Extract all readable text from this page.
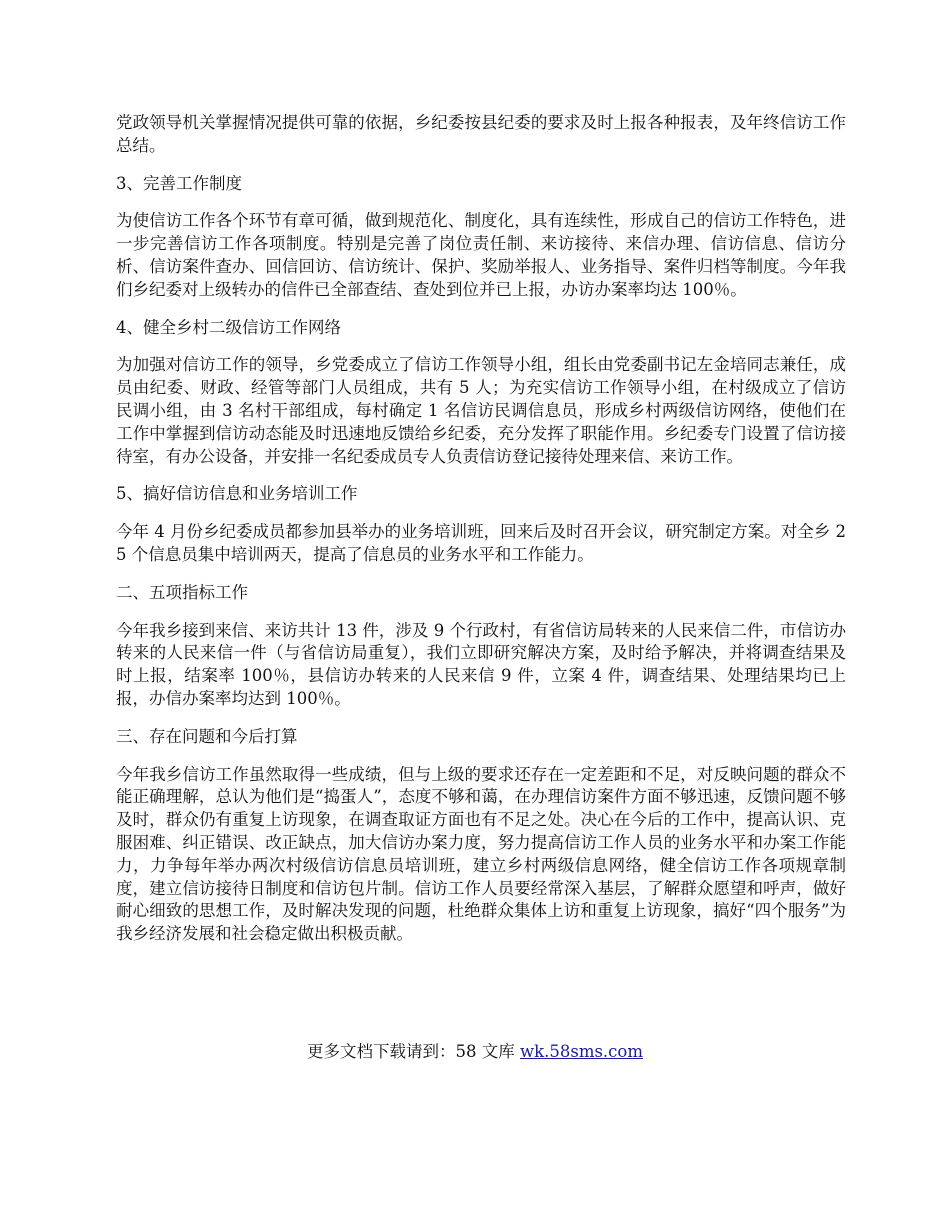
党政领导机关掌握情况提供可靠的依据，乡纪委按县纪委的要求及时上报各种报表，及年终信访工作总结。

3、完善工作制度

为使信访工作各个环节有章可循，做到规范化、制度化，具有连续性，形成自己的信访工作特色，进一步完善信访工作各项制度。特别是完善了岗位责任制、来访接待、来信办理、信访信息、信访分析、信访案件查办、回信回访、信访统计、保护、奖励举报人、业务指导、案件归档等制度。今年我们乡纪委对上级转办的信件已全部查结、查处到位并已上报，办访办案率均达 100％。

4、健全乡村二级信访工作网络

为加强对信访工作的领导，乡党委成立了信访工作领导小组，组长由党委副书记左金培同志兼任，成员由纪委、财政、经管等部门人员组成，共有 5 人；为充实信访工作领导小组，在村级成立了信访民调小组，由 3 名村干部组成，每村确定 1 名信访民调信息员，形成乡村两级信访网络，使他们在工作中掌握到信访动态能及时迅速地反馈给乡纪委，充分发挥了职能作用。乡纪委专门设置了信访接待室，有办公设备，并安排一名纪委成员专人负责信访登记接待处理来信、来访工作。

5、搞好信访信息和业务培训工作

今年 4 月份乡纪委成员都参加县举办的业务培训班，回来后及时召开会议，研究制定方案。对全乡 25 个信息员集中培训两天，提高了信息员的业务水平和工作能力。

二、五项指标工作

今年我乡接到来信、来访共计 13 件，涉及 9 个行政村，有省信访局转来的人民来信二件，市信访办转来的人民来信一件（与省信访局重复），我们立即研究解决方案，及时给予解决，并将调查结果及时上报，结案率 100％，县信访办转来的人民来信 9 件，立案 4 件，调查结果、处理结果均已上报，办信办案率均达到 100％。

三、存在问题和今后打算

今年我乡信访工作虽然取得一些成绩，但与上级的要求还存在一定差距和不足，对反映问题的群众不能正确理解，总认为他们是“捣蛋人”，态度不够和蔼，在办理信访案件方面不够迅速，反馈问题不够及时，群众仍有重复上访现象，在调查取证方面也有不足之处。决心在今后的工作中，提高认识、克服困难、纠正错误、改正缺点，加大信访办案力度，努力提高信访工作人员的业务水平和办案工作能力，力争每年举办两次村级信访信息员培训班，建立乡村两级信息网络，健全信访工作各项规章制度，建立信访接待日制度和信访包片制。信访工作人员要经常深入基层，了解群众愿望和呼声，做好耐心细致的思想工作，及时解决发现的问题，杜绝群众集体上访和重复上访现象，搞好“四个服务”为我乡经济发展和社会稳定做出积极贡献。

更多文档下载请到：58 文库 wk.58sms.com
